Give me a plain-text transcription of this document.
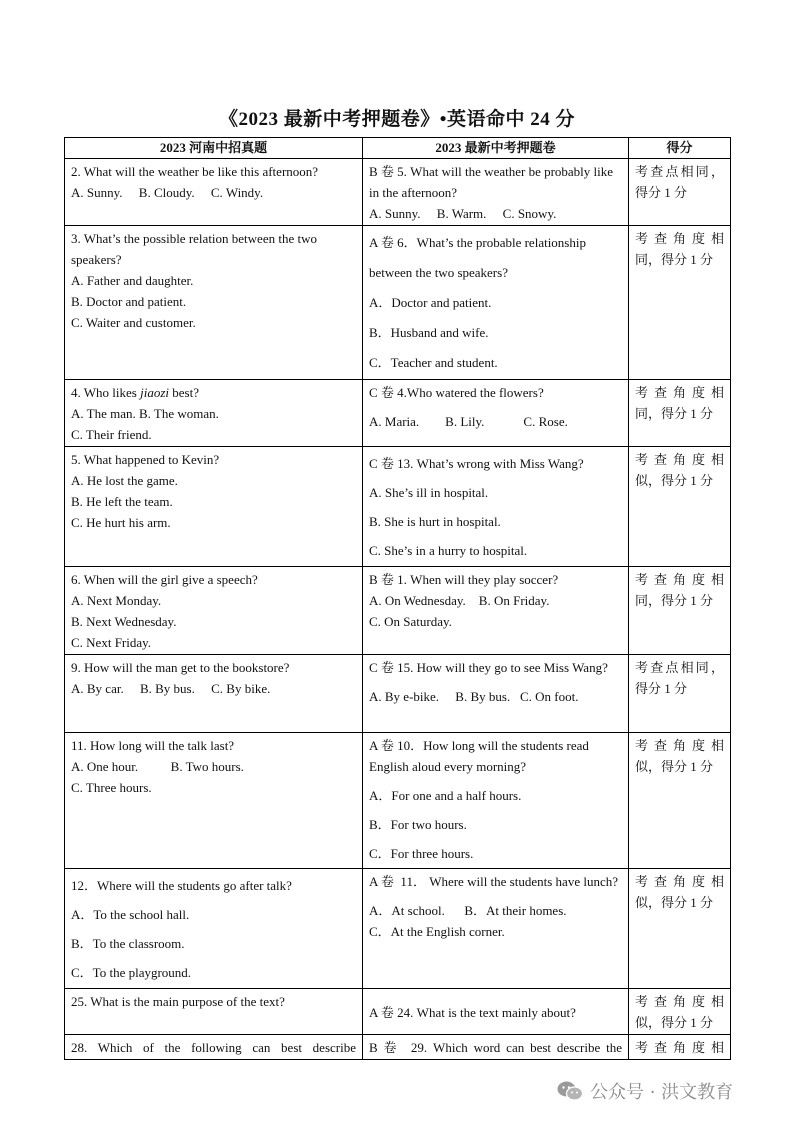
《2023 最新中考押题卷》•英语命中 24 分
2023 河南中招真题	2023 最新中考押题卷	得分

2. What will the weather be like this afternoon?
A. Sunny.     B. Cloudy.     C. Windy.	B 卷 5. What will the weather be probably like in the afternoon?
A. Sunny.     B. Warm.     C. Snowy.	考查点相同，得分 1 分

3. What’s the possible relation between the two speakers?
A. Father and daughter.
B. Doctor and patient.
C. Waiter and customer.	A 卷 6．What’s the probable relationship between the two speakers?
A．Doctor and patient.
B．Husband and wife.
C．Teacher and student.	考查角度相同，得分 1 分

4. Who likes jiaozi best?
A. The man. B. The woman.
C. Their friend.	C 卷 4.Who watered the flowers?
A. Maria.        B. Lily.            C. Rose.	考查角度相同，得分 1 分

5. What happened to Kevin?
A. He lost the game.
B. He left the team.
C. He hurt his arm.	C 卷 13. What’s wrong with Miss Wang?
A. She’s ill in hospital.
B. She is hurt in hospital.
C. She’s in a hurry to hospital.	考查角度相似，得分 1 分

6. When will the girl give a speech?
A. Next Monday.
B. Next Wednesday.
C. Next Friday.	B 卷 1. When will they play soccer?
A. On Wednesday.    B. On Friday.
C. On Saturday.	考查角度相同，得分 1 分

9. How will the man get to the bookstore?
A. By car.     B. By bus.     C. By bike.	C 卷 15. How will they go to see Miss Wang?
A. By e-bike.     B. By bus.   C. On foot.	考查点相同，得分 1 分

11. How long will the talk last?
A. One hour.          B. Two hours.
C. Three hours.	A 卷 10．How long will the students read English aloud every morning?
A．For one and a half hours.
B．For two hours.
C．For three hours.	考查角度相似，得分 1 分

12．Where will the students go after talk?
A．To the school hall.
B．To the classroom.
C．To the playground.	A 卷  11． Where will the students have lunch?
A．At school.      B．At their homes.
C．At the English corner.	考查角度相似，得分 1 分

25. What is the main purpose of the text?	A 卷 24. What is the text mainly about?	考查角度相似，得分 1 分
28. Which of the following can best describe	B 卷  29. Which word can best describe the	考查角度相
公众号 · 洪文教育
